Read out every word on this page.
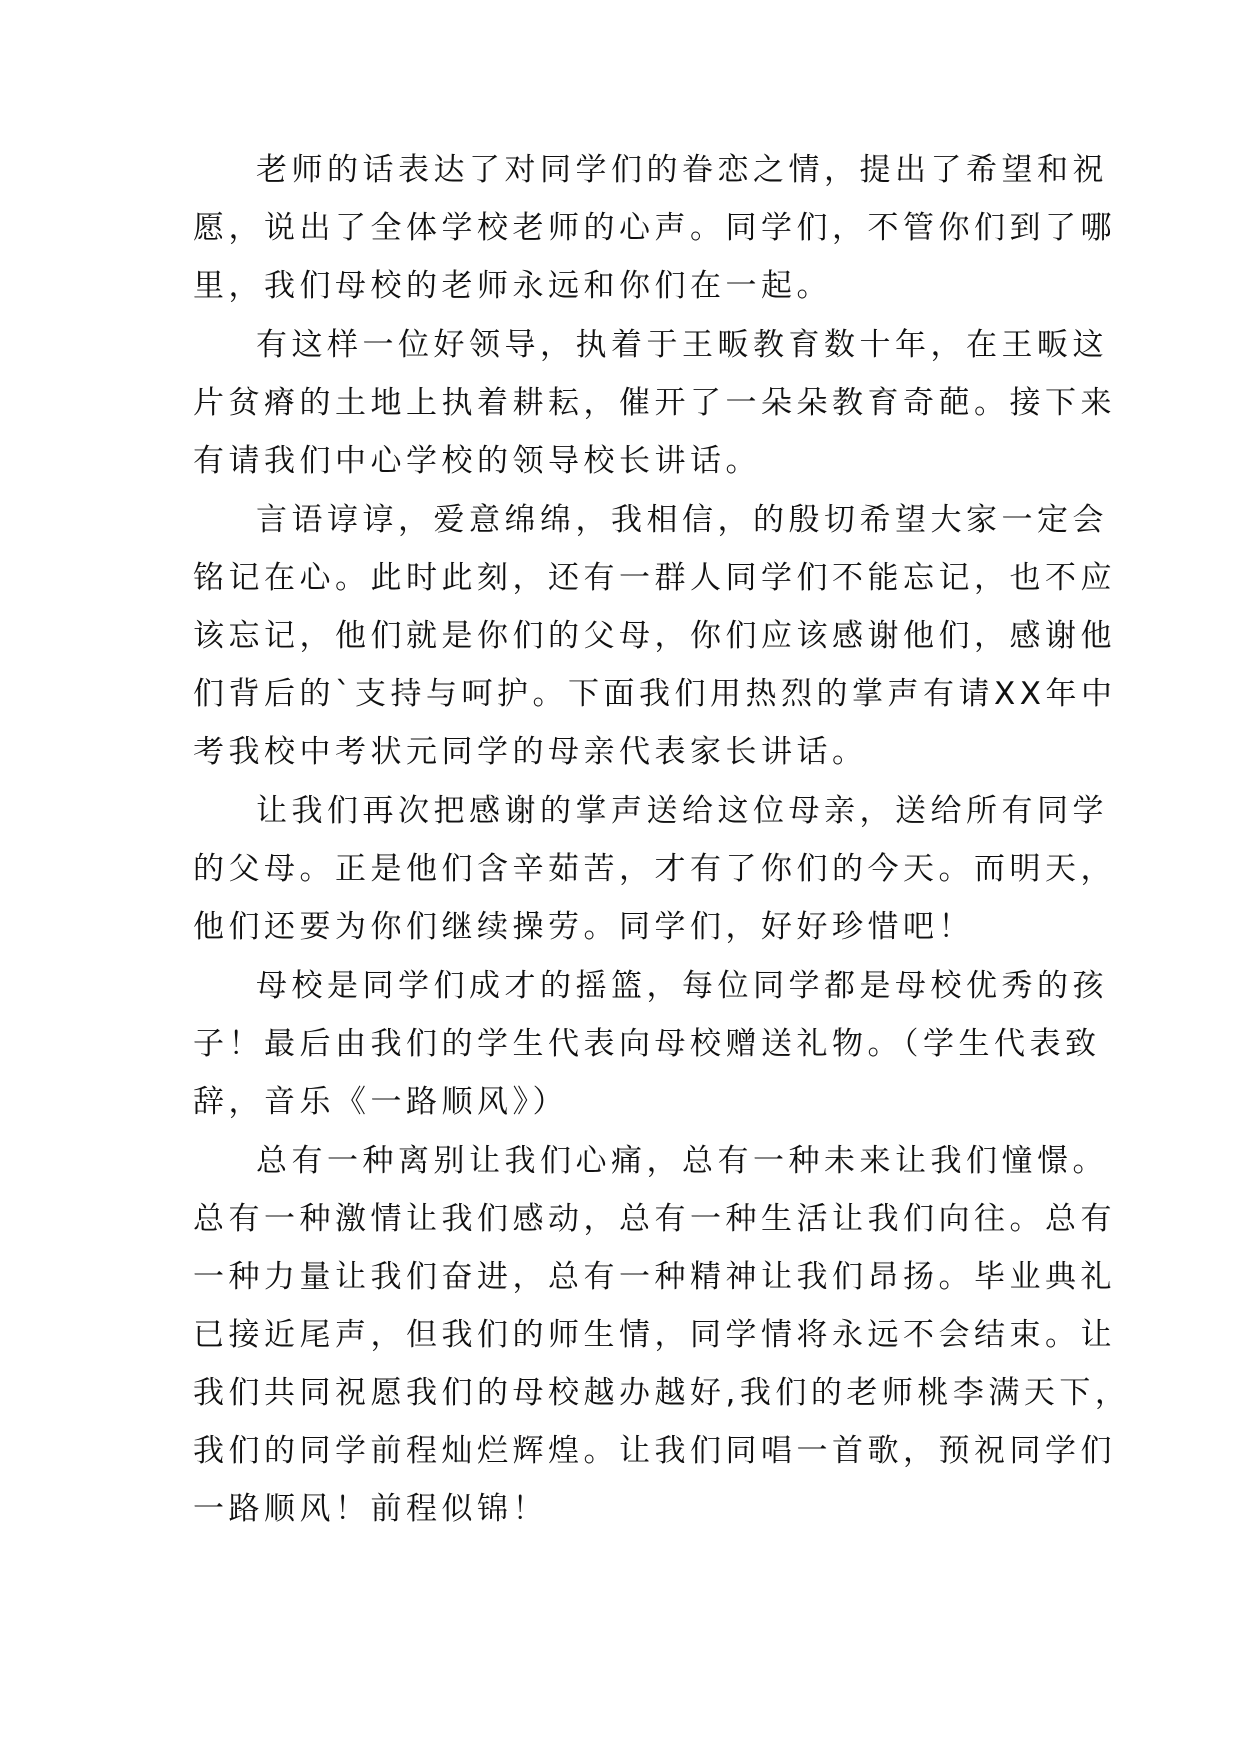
老师的话表达了对同学们的眷恋之情，提出了希望和祝
愿，说出了全体学校老师的心声。同学们，不管你们到了哪
里，我们母校的老师永远和你们在一起。
有这样一位好领导，执着于王畈教育数十年，在王畈这
片贫瘠的土地上执着耕耘，催开了一朵朵教育奇葩。接下来
有请我们中心学校的领导校长讲话。
言语谆谆，爱意绵绵，我相信，的殷切希望大家一定会
铭记在心。此时此刻，还有一群人同学们不能忘记，也不应
该忘记，他们就是你们的父母，你们应该感谢他们，感谢他
们背后的`支持与呵护。下面我们用热烈的掌声有请XX年中
考我校中考状元同学的母亲代表家长讲话。
让我们再次把感谢的掌声送给这位母亲，送给所有同学
的父母。正是他们含辛茹苦，才有了你们的今天。而明天，
他们还要为你们继续操劳。同学们，好好珍惜吧！
母校是同学们成才的摇篮，每位同学都是母校优秀的孩
子！最后由我们的学生代表向母校赠送礼物。（学生代表致
辞，音乐《一路顺风》）
总有一种离别让我们心痛，总有一种未来让我们憧憬。
总有一种激情让我们感动，总有一种生活让我们向往。总有
一种力量让我们奋进，总有一种精神让我们昂扬。毕业典礼
已接近尾声，但我们的师生情，同学情将永远不会结束。让
我们共同祝愿我们的母校越办越好,我们的老师桃李满天下，
我们的同学前程灿烂辉煌。让我们同唱一首歌，预祝同学们
一路顺风！前程似锦！
